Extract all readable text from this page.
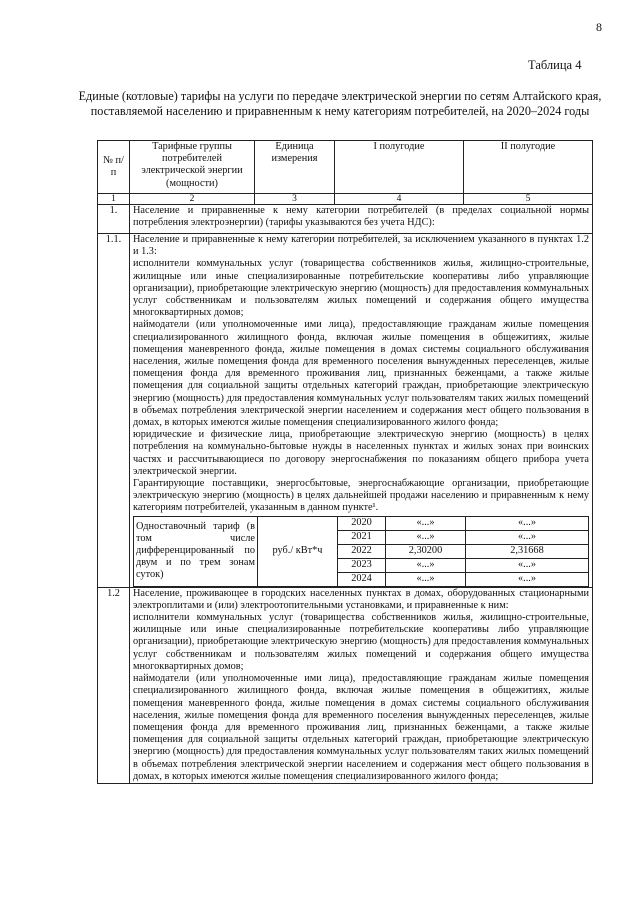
8
Таблица 4
Единые (котловые) тарифы на услуги по передаче электрической энергии по сетям Алтайского края, поставляемой населению и приравненным к нему категориям потребителей, на 2020–2024 годы
№ п/п	Тарифные группы потребителей электрической энергии (мощности)	Единица измерения	I полугодие	II полугодие
1	2	3	4	5
1.	Население и приравненные к нему категории потребителей (в пределах социальной нормы потребления электроэнергии) (тарифы указываются без учета НДС):
1.1.	Население и приравненные к нему категории потребителей, за исключением указанного в пунктах 1.2 и 1.3:

исполнители коммунальных услуг (товарищества собственников жилья, жилищно-строительные, жилищные или иные специализированные потребительские кооперативы либо управляющие организации), приобретающие электрическую энергию (мощность) для предоставления коммунальных услуг собственникам и пользователям жилых помещений и содержания общего имущества многоквартирных домов;

наймодатели (или уполномоченные ими лица), предоставляющие гражданам жилые помещения специализированного жилищного фонда, включая жилые помещения в общежитиях, жилые помещения маневренного фонда, жилые помещения в домах системы социального обслуживания населения, жилые помещения фонда для временного поселения вынужденных переселенцев, жилые помещения фонда для временного проживания лиц, признанных беженцами, а также жилые помещения для социальной защиты отдельных категорий граждан, приобретающие электрическую энергию (мощность) для предоставления коммунальных услуг пользователям таких жилых помещений в объемах потребления электрической энергии населением и содержания мест общего пользования в домах, в которых имеются жилые помещения специализированного жилого фонда;

юридические и физические лица, приобретающие электрическую энергию (мощность) в целях потребления на коммунально-бытовые нужды в населенных пунктах и жилых зонах при воинских частях и рассчитывающиеся по договору энергоснабжения по показаниям общего прибора учета электрической энергии.

Гарантирующие поставщики, энергосбытовые, энергоснабжающие организации, приобретающие электрическую энергию (мощность) в целях дальнейшей продажи населению и приравненным к нему категориям потребителей, указанным в данном пункте¹.

Одноставочный тариф (в том числе дифференцированный по двум и по трем зонам суток)	руб./ кВт*ч	2020	«...»	«...»
2021	«...»	«...»
2022	2,30200	2,31668
2023	«...»	«...»
2024	«...»	«...»

1.2	Население, проживающее в городских населенных пунктах в домах, оборудованных стационарными электроплитами и (или) электроотопительными установками, и приравненные к ним:

исполнители коммунальных услуг (товарищества собственников жилья, жилищно-строительные, жилищные или иные специализированные потребительские кооперативы либо управляющие организации), приобретающие электрическую энергию (мощность) для предоставления коммунальных услуг собственникам и пользователям жилых помещений и содержания общего имущества многоквартирных домов;

наймодатели (или уполномоченные ими лица), предоставляющие гражданам жилые помещения специализированного жилищного фонда, включая жилые помещения в общежитиях, жилые помещения маневренного фонда, жилые помещения в домах системы социального обслуживания населения, жилые помещения фонда для временного поселения вынужденных переселенцев, жилые помещения фонда для временного проживания лиц, признанных беженцами, а также жилые помещения для социальной защиты отдельных категорий граждан, приобретающие электрическую энергию (мощность) для предоставления коммунальных услуг пользователям таких жилых помещений в объемах потребления электрической энергии населением и содержания мест общего пользования в домах, в которых имеются жилые помещения специализированного жилого фонда;
